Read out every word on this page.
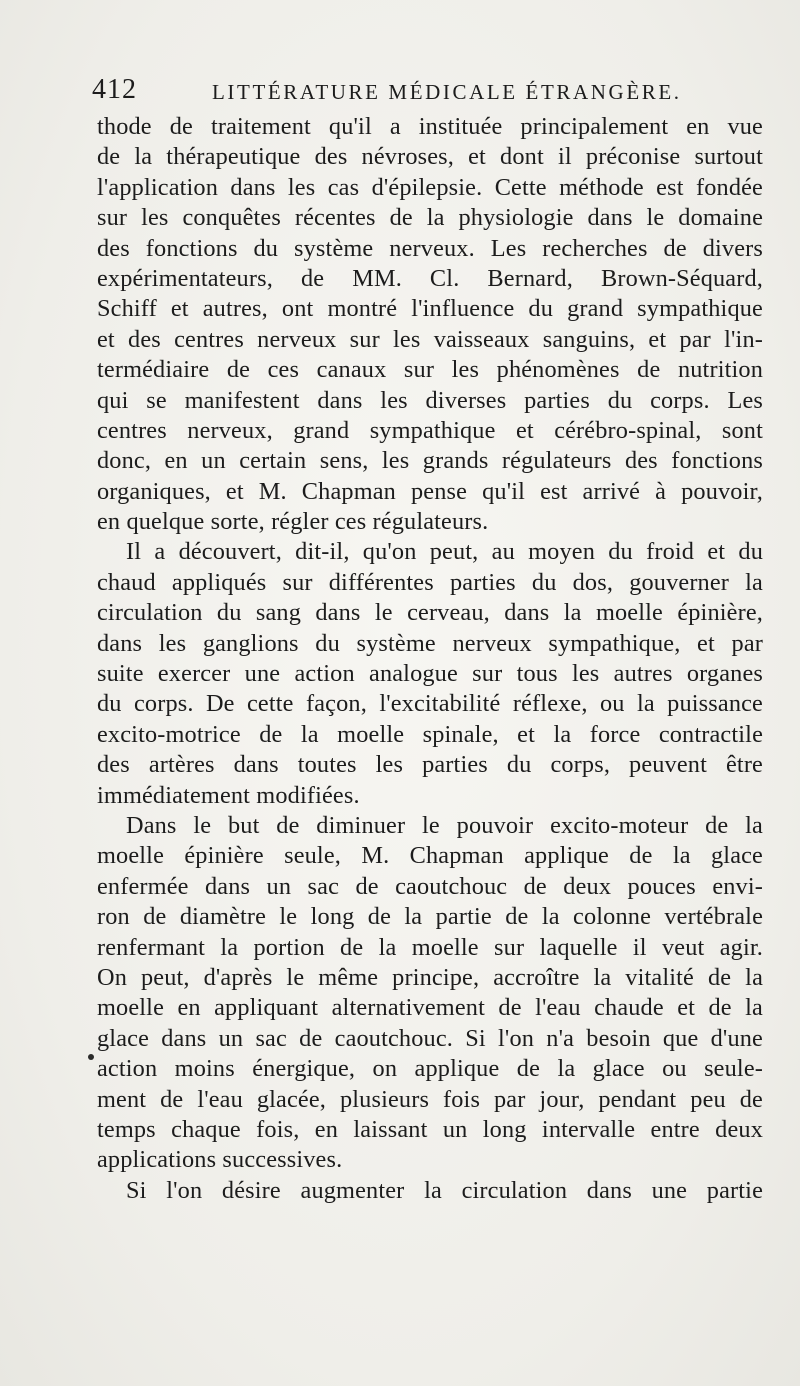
412	LITTÉRATURE MÉDICALE ÉTRANGÈRE.
thode de traitement qu'il a instituée principalement en vue
de la thérapeutique des névroses, et dont il préconise surtout
l'application dans les cas d'épilepsie. Cette méthode est fondée
sur les conquêtes récentes de la physiologie dans le domaine
des fonctions du système nerveux. Les recherches de divers
expérimentateurs, de MM. Cl. Bernard, Brown-Séquard,
Schiff et autres, ont montré l'influence du grand sympathique
et des centres nerveux sur les vaisseaux sanguins, et par l'in-
termédiaire de ces canaux sur les phénomènes de nutrition
qui se manifestent dans les diverses parties du corps. Les
centres nerveux, grand sympathique et cérébro-spinal, sont
donc, en un certain sens, les grands régulateurs des fonctions
organiques, et M. Chapman pense qu'il est arrivé à pouvoir,
en quelque sorte, régler ces régulateurs.
Il a découvert, dit-il, qu'on peut, au moyen du froid et du
chaud appliqués sur différentes parties du dos, gouverner la
circulation du sang dans le cerveau, dans la moelle épinière,
dans les ganglions du système nerveux sympathique, et par
suite exercer une action analogue sur tous les autres organes
du corps. De cette façon, l'excitabilité réflexe, ou la puissance
excito-motrice de la moelle spinale, et la force contractile
des artères dans toutes les parties du corps, peuvent être
immédiatement modifiées.
Dans le but de diminuer le pouvoir excito-moteur de la
moelle épinière seule, M. Chapman applique de la glace
enfermée dans un sac de caoutchouc de deux pouces envi-
ron de diamètre le long de la partie de la colonne vertébrale
renfermant la portion de la moelle sur laquelle il veut agir.
On peut, d'après le même principe, accroître la vitalité de la
moelle en appliquant alternativement de l'eau chaude et de la
glace dans un sac de caoutchouc. Si l'on n'a besoin que d'une
action moins énergique, on applique de la glace ou seule-
ment de l'eau glacée, plusieurs fois par jour, pendant peu de
temps chaque fois, en laissant un long intervalle entre deux
applications successives.
Si l'on désire augmenter la circulation dans une partie
